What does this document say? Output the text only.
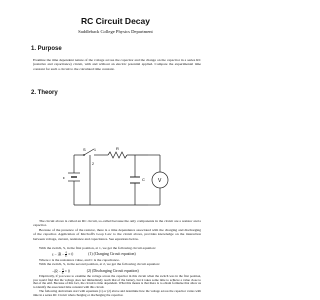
RC Circuit Decay
Saddleback College Physics Department
1. Purpose
Examine the time dependent nature of the voltage across the capacitor and the change on the capacitor in a series RC (resistive and capacitance) circuit, with and without an electric potential applied. Compare the experimental time constant for such a circuit to the calculated time constant.
2. Theory
S 1
2
R
C	V
ε
The circuit above is called an RC circuit, so-called because the only components in the circuit are a resistor and a capacitor.
Because of the presence of the resistor, there is a time dependence associated with the charging and discharging of the capacitor. Application of Kirchoff's Loop Law to the circuit above, provides knowledge on the interaction between voltage, current, resistance and capacitance. See equations below.
With the switch, S, in the first position, at 1, we get the following circuit equation:
ε − iR − $\frac{q}{C} = 0$	(1) (Charging Circuit equation)
Where ε is the resistance value, and C is the capacitance.
With the switch, S, in the second position, at 2, we get the following circuit equation:
$-iR - \frac{q}{C} = 0$	(2) (Discharging Circuit equation)
Empirically, if you were to examine the voltage across the capacitor in this circuit when the switch was in the first position, you would find that the voltage does not immediately reach that of the battery, but it takes some time to achieve a value close to that of the emf. Because of this fact, the circuit is time dependent. What this means is that there is to obtain formulae that allow us to identify the associated time constant with this circuit.
The following derivations start with equations (1) or (2) above and determine how the voltage across the capacitor varies with time in a series RC Circuit when charging or discharging the capacitor.
